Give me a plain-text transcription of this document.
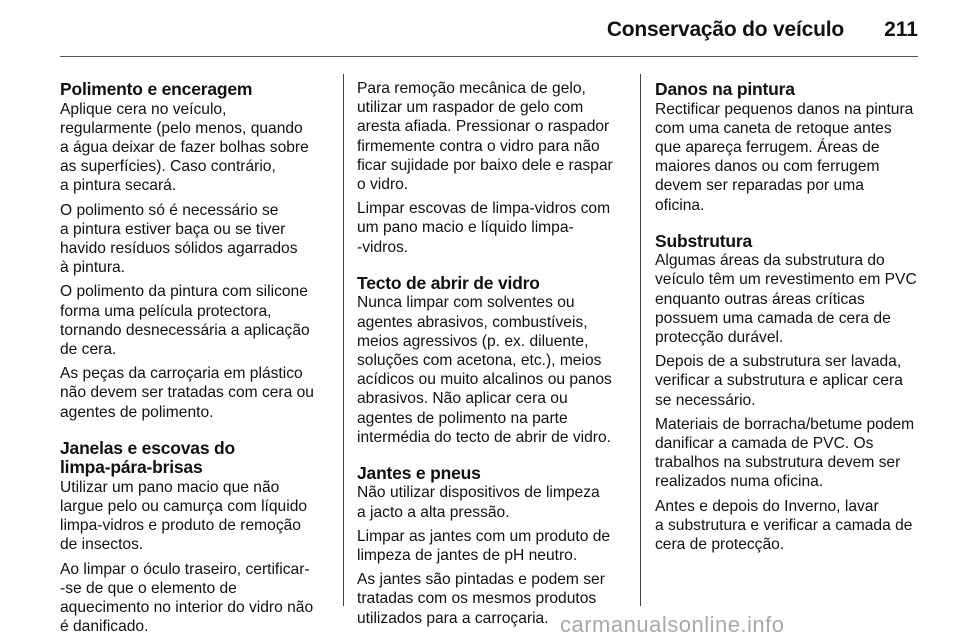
Conservação do veículo 211
Polimento e enceragem

Aplique cera no veículo,
regularmente (pelo menos, quando
a água deixar de fazer bolhas sobre
as superfícies). Caso contrário,
a pintura secará.

O polimento só é necessário se
a pintura estiver baça ou se tiver
havido resíduos sólidos agarrados
à pintura.

O polimento da pintura com silicone
forma uma película protectora,
tornando desnecessária a aplicação
de cera.

As peças da carroçaria em plástico
não devem ser tratadas com cera ou
agentes de polimento.

Janelas e escovas do
limpa-pára-brisas

Utilizar um pano macio que não
largue pelo ou camurça com líquido
limpa-vidros e produto de remoção
de insectos.

Ao limpar o óculo traseiro, certificar-
-se de que o elemento de
aquecimento no interior do vidro não
é danificado.

Para remoção mecânica de gelo,
utilizar um raspador de gelo com
aresta afiada. Pressionar o raspador
firmemente contra o vidro para não
ficar sujidade por baixo dele e raspar
o vidro.

Limpar escovas de limpa-vidros com
um pano macio e líquido limpa-
-vidros.

Tecto de abrir de vidro

Nunca limpar com solventes ou
agentes abrasivos, combustíveis,
meios agressivos (p. ex. diluente,
soluções com acetona, etc.), meios
acídicos ou muito alcalinos ou panos
abrasivos. Não aplicar cera ou
agentes de polimento na parte
intermédia do tecto de abrir de vidro.

Jantes e pneus

Não utilizar dispositivos de limpeza
a jacto a alta pressão.

Limpar as jantes com um produto de
limpeza de jantes de pH neutro.

As jantes são pintadas e podem ser
tratadas com os mesmos produtos
utilizados para a carroçaria.

Danos na pintura

Rectificar pequenos danos na pintura
com uma caneta de retoque antes
que apareça ferrugem. Áreas de
maiores danos ou com ferrugem
devem ser reparadas por uma
oficina.

Substrutura

Algumas áreas da substrutura do
veículo têm um revestimento em PVC
enquanto outras áreas críticas
possuem uma camada de cera de
protecção durável.

Depois de a substrutura ser lavada,
verificar a substrutura e aplicar cera
se necessário.

Materiais de borracha/betume podem
danificar a camada de PVC. Os
trabalhos na substrutura devem ser
realizados numa oficina.

Antes e depois do Inverno, lavar
a substrutura e verificar a camada de
cera de protecção.

carmanualsonline.info
